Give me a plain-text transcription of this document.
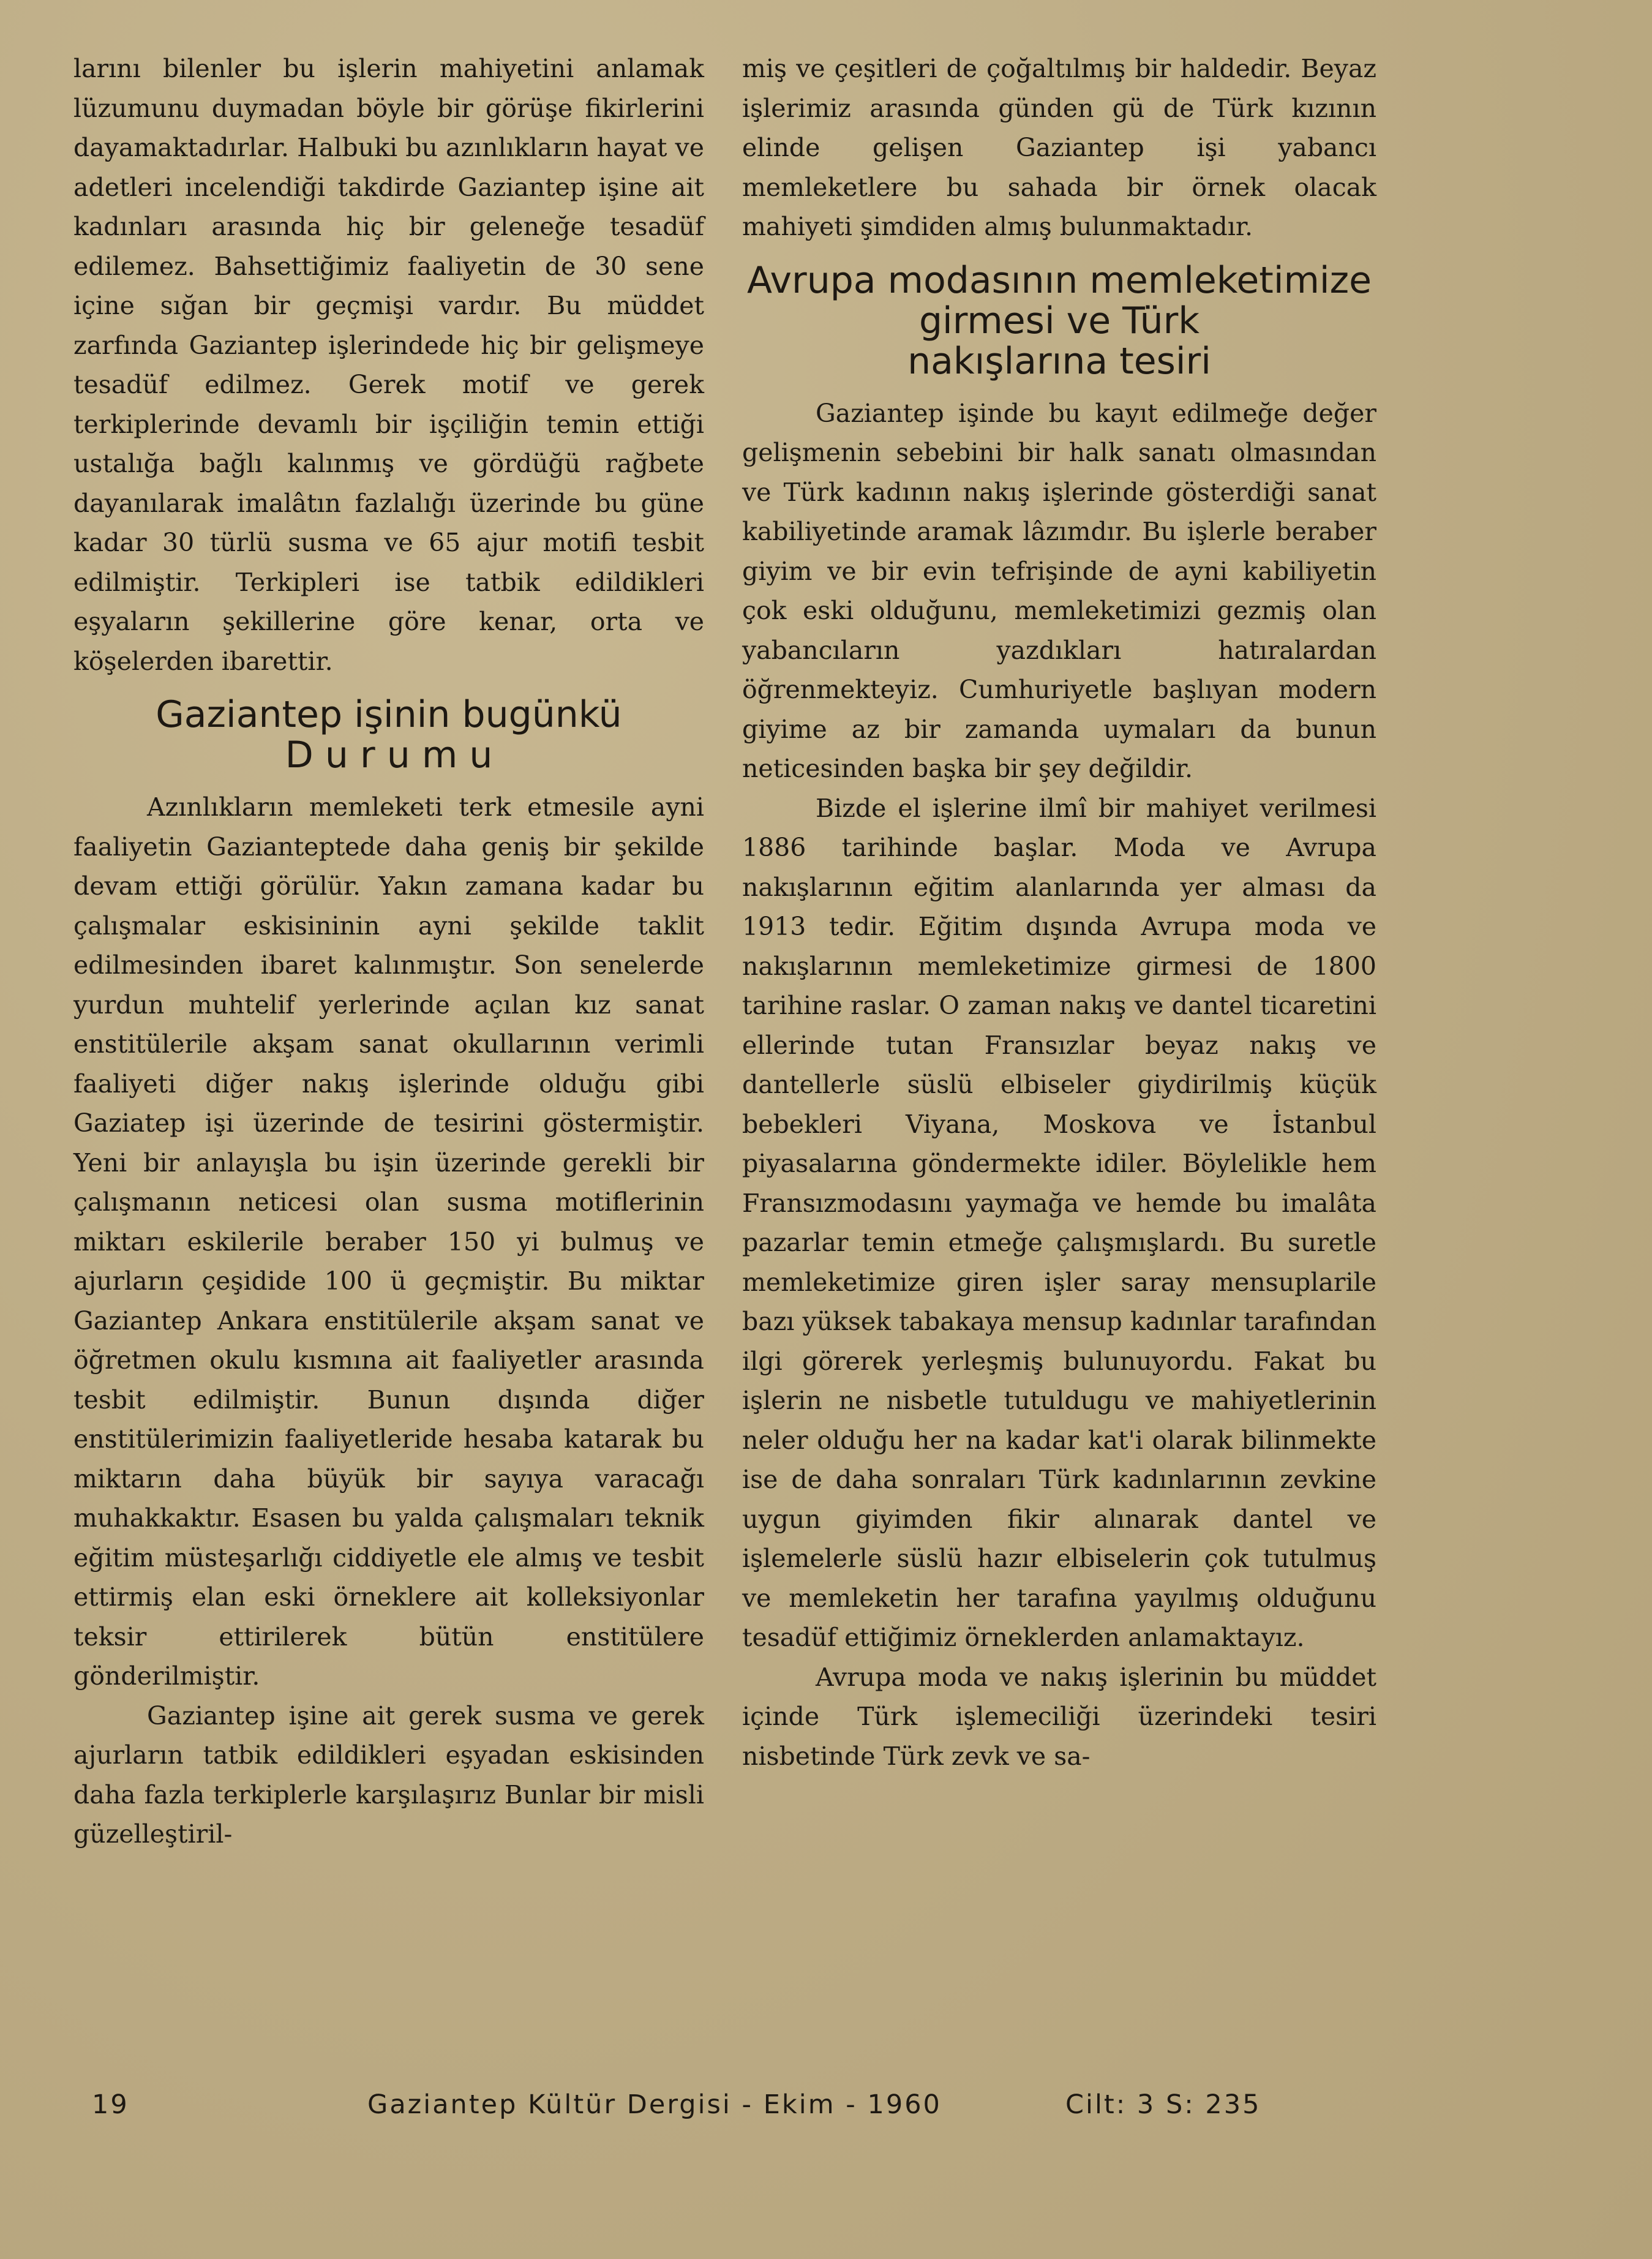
larını bilenler bu işlerin mahiyetini anlamak lüzumunu duymadan böyle bir görüşe fikirlerini dayamaktadırlar. Halbuki bu azınlıkların hayat ve adetleri incelendiği takdirde Gaziantep işine ait kadınları arasında hiç bir geleneğe tesadüf edilemez. Bahsettiğimiz faaliyetin de 30 sene içine sığan bir geçmişi vardır. Bu müddet zarfında Gaziantep işlerindede hiç bir gelişmeye tesadüf edilmez. Gerek motif ve gerek terkiplerinde devamlı bir işçiliğin temin ettiği ustalığa bağlı kalınmış ve gördüğü rağbete dayanılarak imalâtın fazlalığı üzerinde bu güne kadar 30 türlü susma ve 65 ajur motifi tesbit edilmiştir. Terkipleri ise tatbik edildikleri eşyaların şekillerine göre kenar, orta ve köşelerden ibarettir.

Gaziantep işinin bugünkü
D u r u m u

Azınlıkların memleketi terk etmesile ayni faaliyetin Gazianteptede daha geniş bir şekilde devam ettiği görülür. Yakın zamana kadar bu çalışmalar eskisininin ayni şekilde taklit edilmesinden ibaret kalınmıştır. Son senelerde yurdun muhtelif yerlerinde açılan kız sanat enstitülerile akşam sanat okullarının verimli faaliyeti diğer nakış işlerinde olduğu gibi Gaziatep işi üzerinde de tesirini göstermiştir. Yeni bir anlayışla bu işin üzerinde gerekli bir çalışmanın neticesi olan susma motiflerinin miktarı eskilerile beraber 150 yi bulmuş ve ajurların çeşidide 100 ü geçmiştir. Bu miktar Gaziantep Ankara enstitülerile akşam sanat ve öğretmen okulu kısmına ait faaliyetler arasında tesbit edilmiştir. Bunun dışında diğer enstitülerimizin faaliyetleride hesaba katarak bu miktarın daha büyük bir sayıya varacağı muhakkaktır. Esasen bu yalda çalışmaları teknik eğitim müsteşarlığı ciddiyetle ele almış ve tesbit ettirmiş elan eski örneklere ait kolleksiyonlar teksir ettirilerek bütün enstitülere gönderilmiştir.

Gaziantep işine ait gerek susma ve gerek ajurların tatbik edildikleri eşyadan eskisinden daha fazla terkiplerle karşılaşırız Bunlar bir misli güzelleştiril-

miş ve çeşitleri de çoğaltılmış bir haldedir. Beyaz işlerimiz arasında günden gü de Türk kızının elinde gelişen Gaziantep işi yabancı memleketlere bu sahada bir örnek olacak mahiyeti şimdiden almış bulunmaktadır.

Avrupa modasının memleketimize girmesi ve Türk
nakışlarına tesiri

Gaziantep işinde bu kayıt edilmeğe değer gelişmenin sebebini bir halk sanatı olmasından ve Türk kadının nakış işlerinde gösterdiği sanat kabiliyetinde aramak lâzımdır. Bu işlerle beraber giyim ve bir evin tefrişinde de ayni kabiliyetin çok eski olduğunu, memleketimizi gezmiş olan yabancıların yazdıkları hatıralardan öğrenmekteyiz. Cumhuriyetle başlıyan modern giyime az bir zamanda uymaları da bunun neticesinden başka bir şey değildir.

Bizde el işlerine ilmî bir mahiyet verilmesi 1886 tarihinde başlar. Moda ve Avrupa nakışlarının eğitim alanlarında yer alması da 1913 tedir. Eğitim dışında Avrupa moda ve nakışlarının memleketimize girmesi de 1800 tarihine raslar. O zaman nakış ve dantel ticaretini ellerinde tutan Fransızlar beyaz nakış ve dantellerle süslü elbiseler giydirilmiş küçük bebekleri Viyana, Moskova ve İstanbul piyasalarına göndermekte idiler. Böylelikle hem Fransızmodasını yaymağa ve hemde bu imalâta pazarlar temin etmeğe çalışmışlardı. Bu suretle memleketimize giren işler saray mensuplarile bazı yüksek tabakaya mensup kadınlar tarafından ilgi görerek yerleşmiş bulunuyordu. Fakat bu işlerin ne nisbetle tutuldugu ve mahiyetlerinin neler olduğu her na kadar kat'i olarak bilinmekte ise de daha sonraları Türk kadınlarının zevkine uygun giyimden fikir alınarak dantel ve işlemelerle süslü hazır elbiselerin çok tutulmuş ve memleketin her tarafına yayılmış olduğunu tesadüf ettiğimiz örneklerden anlamaktayız.

Avrupa moda ve nakış işlerinin bu müddet içinde Türk işlemeciliği üzerindeki tesiri nisbetinde Türk zevk ve sa-

19	Gaziantep Kültür Dergisi - Ekim - 1960	Cilt: 3 S: 235
